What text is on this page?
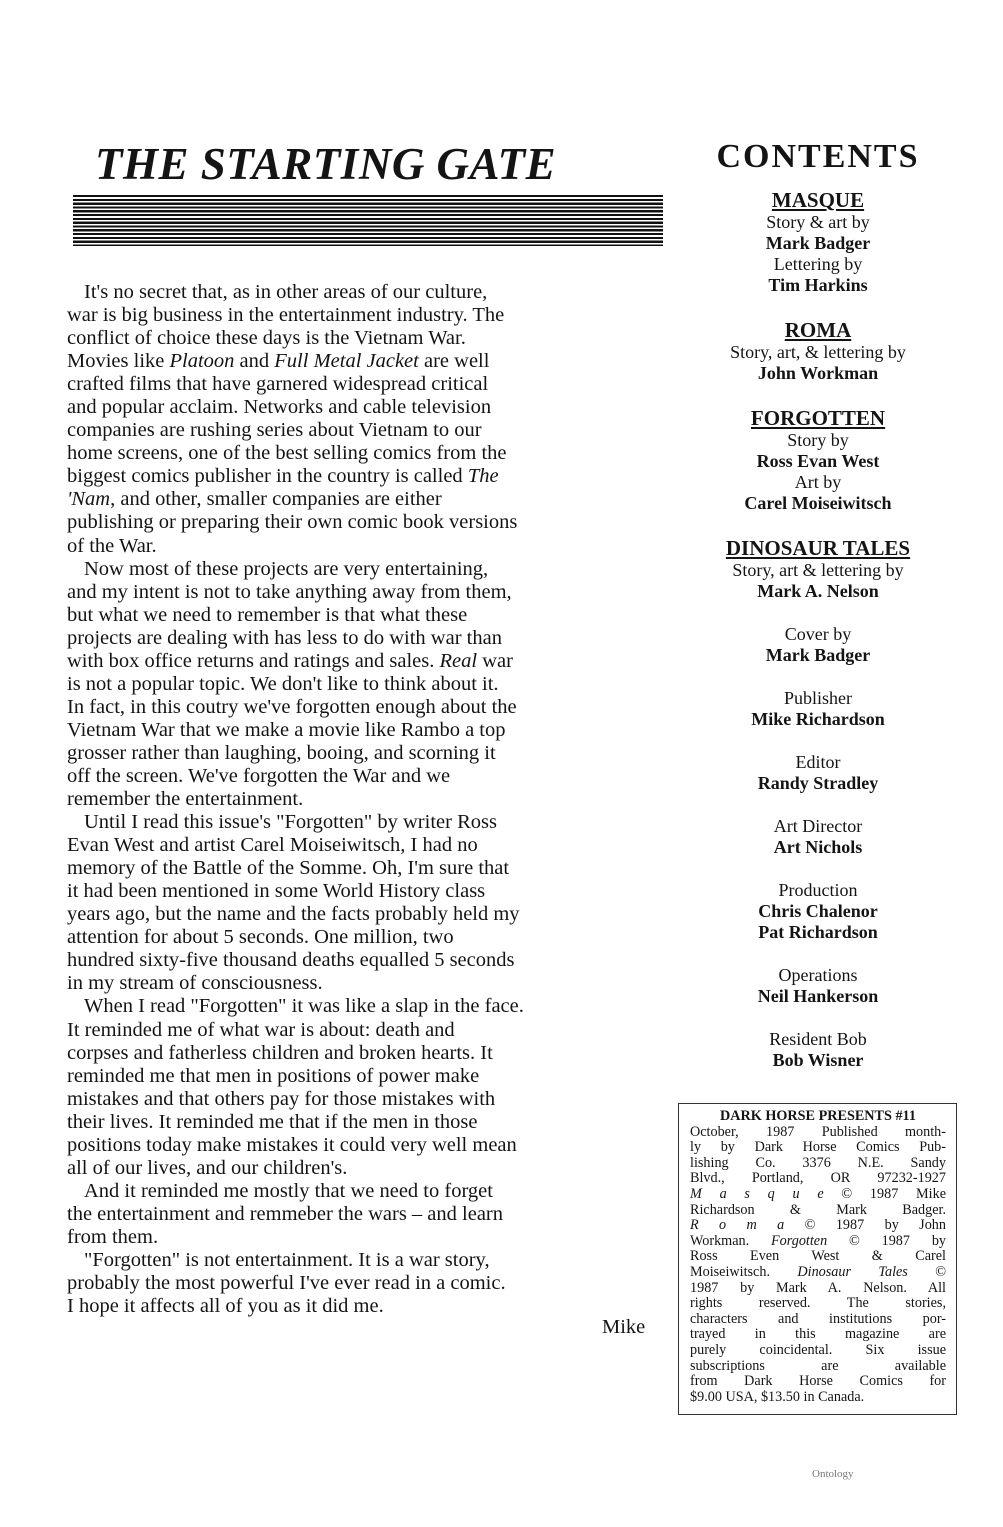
THE STARTING GATE
It's no secret that, as in other areas of our culture,
war is big business in the entertainment industry. The
conflict of choice these days is the Vietnam War.
Movies like Platoon and Full Metal Jacket are well
crafted films that have garnered widespread critical
and popular acclaim. Networks and cable television
companies are rushing series about Vietnam to our
home screens, one of the best selling comics from the
biggest comics publisher in the country is called The
'Nam, and other, smaller companies are either
publishing or preparing their own comic book versions
of the War.
Now most of these projects are very entertaining,
and my intent is not to take anything away from them,
but what we need to remember is that what these
projects are dealing with has less to do with war than
with box office returns and ratings and sales. Real war
is not a popular topic. We don't like to think about it.
In fact, in this coutry we've forgotten enough about the
Vietnam War that we make a movie like Rambo a top
grosser rather than laughing, booing, and scorning it
off the screen. We've forgotten the War and we
remember the entertainment.
Until I read this issue's "Forgotten" by writer Ross
Evan West and artist Carel Moiseiwitsch, I had no
memory of the Battle of the Somme. Oh, I'm sure that
it had been mentioned in some World History class
years ago, but the name and the facts probably held my
attention for about 5 seconds. One million, two
hundred sixty-five thousand deaths equalled 5 seconds
in my stream of consciousness.
When I read "Forgotten" it was like a slap in the face.
It reminded me of what war is about: death and
corpses and fatherless children and broken hearts. It
reminded me that men in positions of power make
mistakes and that others pay for those mistakes with
their lives. It reminded me that if the men in those
positions today make mistakes it could very well mean
all of our lives, and our children's.
And it reminded me mostly that we need to forget
the entertainment and remmeber the wars – and learn
from them.
"Forgotten" is not entertainment. It is a war story,
probably the most powerful I've ever read in a comic.
I hope it affects all of you as it did me.
Mike
CONTENTS
MASQUE
Story & art by
Mark Badger
Lettering by
Tim Harkins
ROMA
Story, art, & lettering by
John Workman
FORGOTTEN
Story by
Ross Evan West
Art by
Carel Moiseiwitsch
DINOSAUR TALES
Story, art & lettering by
Mark A. Nelson
Cover by
Mark Badger
Publisher
Mike Richardson
Editor
Randy Stradley
Art Director
Art Nichols
Production
Chris Chalenor
Pat Richardson
Operations
Neil Hankerson
Resident Bob
Bob Wisner
DARK HORSE PRESENTS #11
October, 1987 Published month-
ly by Dark Horse Comics Pub-
lishing Co. 3376 N.E. Sandy
Blvd., Portland, OR 97232-1927
M a s q u e © 1987 Mike
Richardson & Mark Badger.
R o m a © 1987 by John
Workman. Forgotten © 1987 by
Ross Even West & Carel
Moiseiwitsch. Dinosaur Tales ©
1987 by Mark A. Nelson. All
rights reserved. The stories,
characters and institutions por-
trayed in this magazine are
purely coincidental. Six issue
subscriptions are available
from Dark Horse Comics for
$9.00 USA, $13.50 in Canada.
Ontology
